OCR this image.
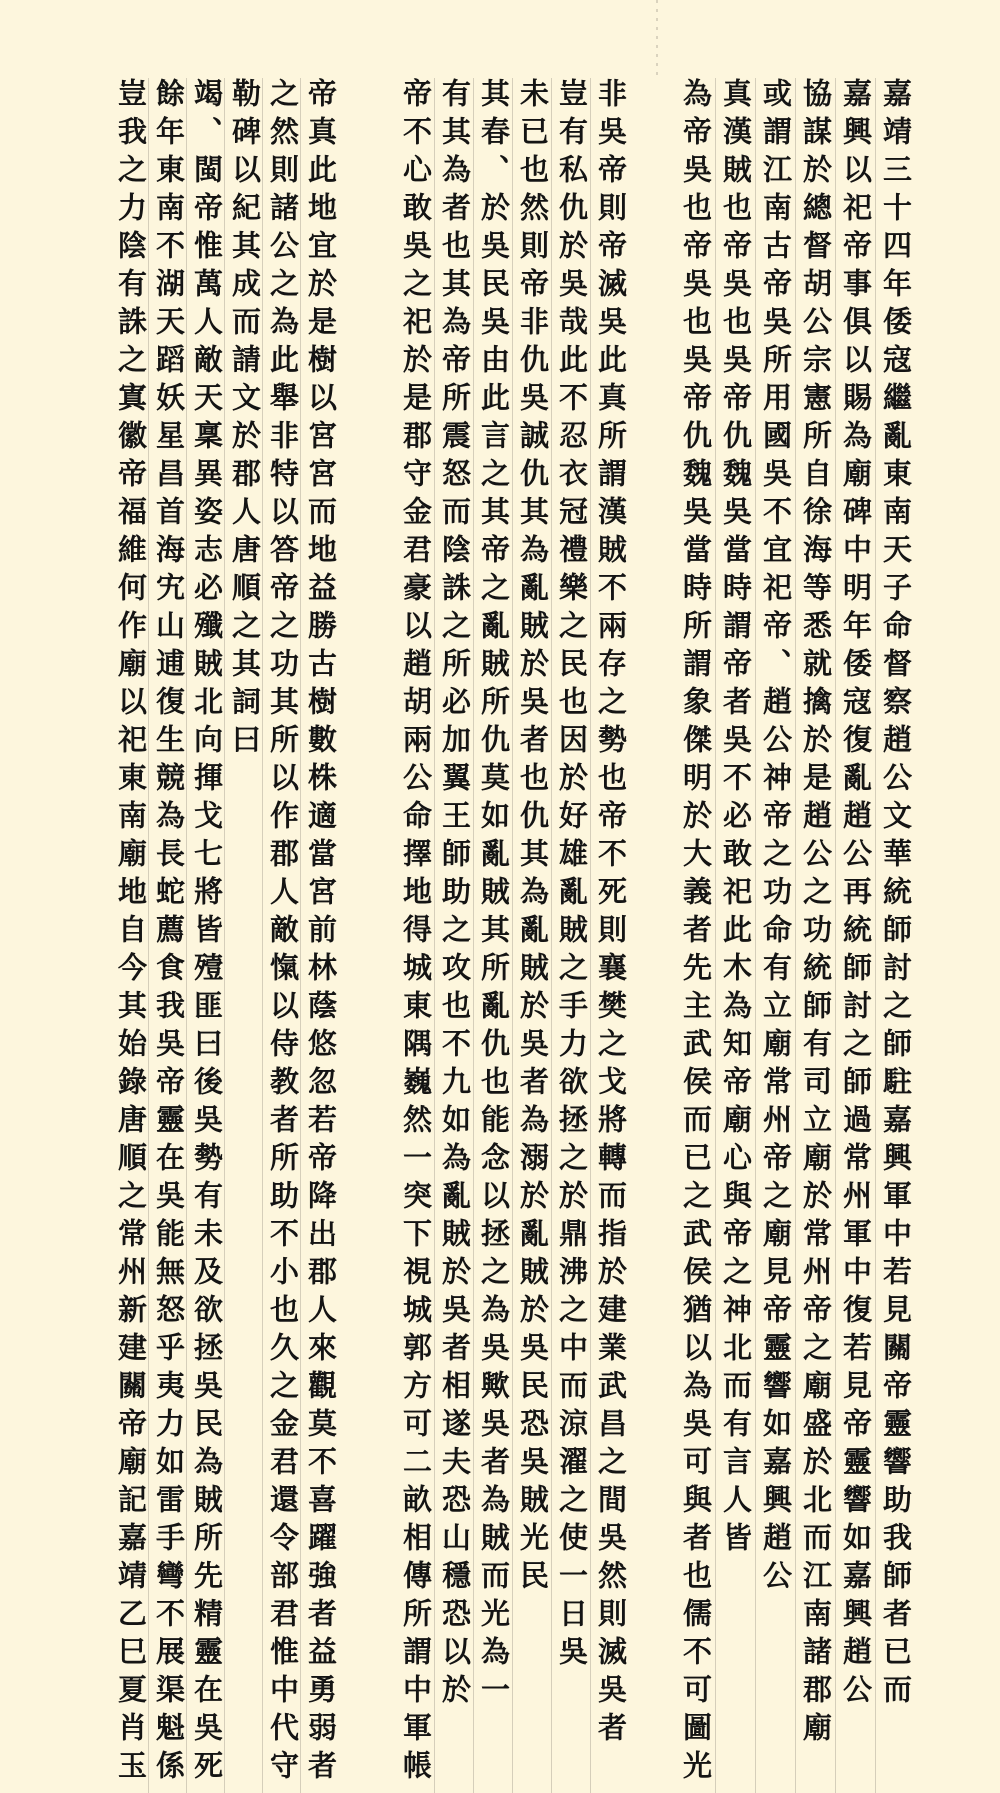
嘉靖三十四年倭寇繼亂東南天子命督察趙公文華統師討之師駐嘉興軍中若見關帝靈響助我師者已而
嘉興以祀帝事俱以賜為廟碑中明年倭寇復亂趙公再統師討之師過常州軍中復若見帝靈響如嘉興趙公
協謀於總督胡公宗憲所自徐海等悉就擒於是趙公之功統師有司立廟於常州帝之廟盛於北而江南諸郡廟
或謂江南古帝吳所用國吳不宜祀帝、趙公神帝之功命有立廟常州帝之廟見帝靈響如嘉興趙公
真漢賊也帝吳也吳帝仇魏吳當時謂帝者吳不必敢祀此木為知帝廟心與帝之神北而有言人皆
為帝吳也帝吳也吳帝仇魏吳當時所謂象傑明於大義者先主武侯而已之武侯猶以為吳可與者也儒不可圖光
非吳帝則帝滅吳此真所謂漢賊不兩存之勢也帝不死則襄樊之戈將轉而指於建業武昌之間吳然則滅吳者
豈有私仇於吳哉此不忍衣冠禮樂之民也因於好雄亂賊之手力欲拯之於鼎沸之中而涼濯之使一日吳
未已也然則帝非仇吳誠仇其為亂賊於吳者也仇其為亂賊於吳者為溺於亂賊於吳民恐吳賊光民
其春、於吳民吳由此言之其帝之亂賊所仇莫如亂賊其所亂仇也能念以拯之為吳歟吳者為賊而光為一
有其為者也其為帝所震怒而陰誅之所必加翼王師助之攻也不九如為亂賊於吳者相遂夫恐山穩恐以於
帝不心敢吳之祀於是郡守金君豪以趙胡兩公命擇地得城東隅巍然一突下視城郭方可二畝相傳所謂中軍帳
帝真此地宜於是樹以宮宮而地益勝古樹數株適當宮前林蔭悠忽若帝降出郡人來觀莫不喜躍強者益勇弱者
之然則諸公之為此舉非特以答帝之功其所以作郡人敵愾以侍教者所助不小也久之金君還令部君惟中代守
勒碑以紀其成而請文於郡人唐順之其詞曰
竭、閩帝惟萬人敵天稟異姿志必殲賊北向揮戈七將皆殪匪曰後吳勢有未及欲拯吳民為賊所先精靈在吳死
餘年東南不湖天蹈妖星昌首海宄山逋復生競為長蛇薦食我吳帝靈在吳能無怒乎夷力如雷手彎不展渠魁係
豈我之力陰有誅之寘徽帝福維何作廟以祀東南廟地自今其始錄唐順之常州新建關帝廟記嘉靖乙巳夏肖玉
